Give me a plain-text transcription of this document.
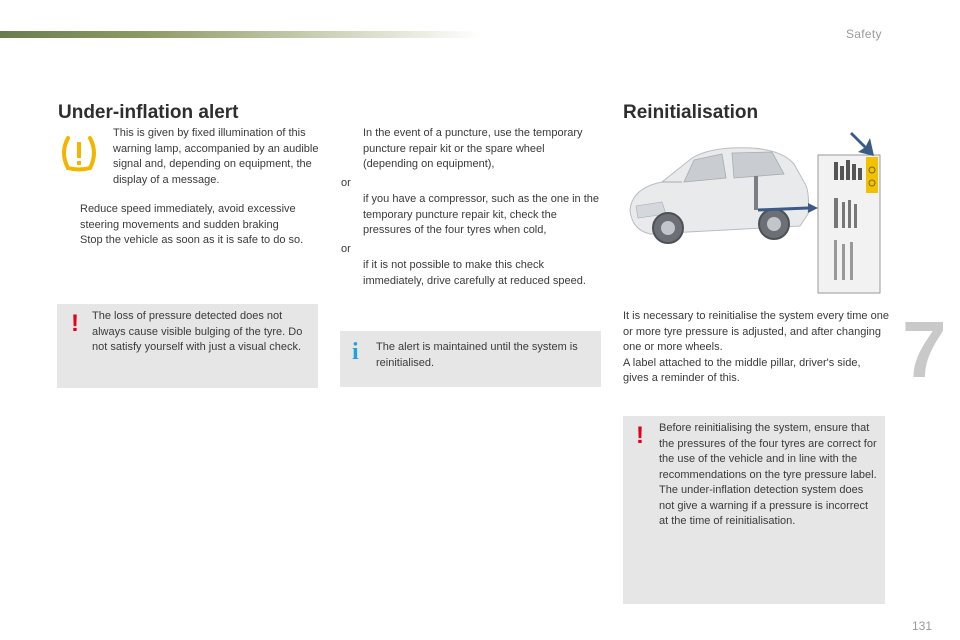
Safety
Under-inflation alert
This is given by fixed illumination of this warning lamp, accompanied by an audible signal and, depending on equipment, the display of a message.
Reduce speed immediately, avoid excessive steering movements and sudden braking
Stop the vehicle as soon as it is safe to do so.
! The loss of pressure detected does not always cause visible bulging of the tyre. Do not satisfy yourself with just a visual check.
In the event of a puncture, use the temporary puncture repair kit or the spare wheel (depending on equipment),
or
if you have a compressor, such as the one in the temporary puncture repair kit, check the pressures of the four tyres when cold,
or
if it is not possible to make this check immediately, drive carefully at reduced speed.
i The alert is maintained until the system is reinitialised.
Reinitialisation
It is necessary to reinitialise the system every time one or more tyre pressure is adjusted, and after changing one or more wheels.
A label attached to the middle pillar, driver's side, gives a reminder of this.
! Before reinitialising the system, ensure that the pressures of the four tyres are correct for the use of the vehicle and in line with the recommendations on the tyre pressure label.
The under-inflation detection system does not give a warning if a pressure is incorrect at the time of reinitialisation.
7
131
